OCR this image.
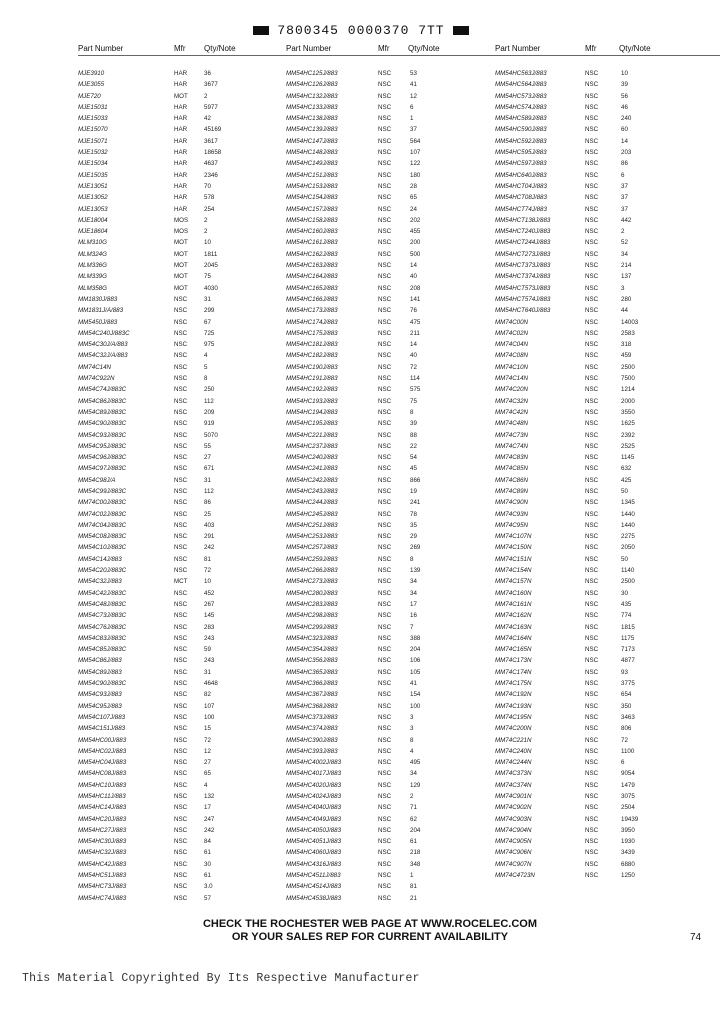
7800345 0000370 7TT
Part Number	Mfr Qty/Note
MJE3910	HAR	36
MJE3055	HAR	3677
MJE720	MOT	2
MJE15031	HAR	5977
MJE15033	HAR	42
MJE15070	HAR	45169
MJE15071	HAR	3617
MJE15032	HAR	18658
MJE15034	HAR	4637
MJE15035	HAR	2346
MJE13051	HAR	70
MJE13052	HAR	578
MJE13053	HAR	254
MJE18004	MOS	2
MJE18604	MOS	2
MLM310G	MOT	10
MLM324G	MOT	1811
MLM336G	MOT	2045
MLM339G	MOT	75
MLM358G	MOT	4030
MM1830J/883	NSC	31
MM1831J/A/883	NSC	299
MM5450J/883	NSC	67
MM54C240J/883C	NSC	725
MM54C30J/A/883	NSC	975
MM54C32J/A/883	NSC	4
MM74C14N	NSC	5
MM74C922N	NSC	8
MM54C74J/883C	NSC	250
MM54C86J/883C	NSC	112
MM54C89J/883C	NSC	209
MM54C90J/883C	NSC	919
MM54C93J/883C	NSC	5070
MM54C95J/883C	NSC	55
MM54C96J/883C	NSC	27
MM54C97J/883C	NSC	671
MM54C98J/A	NSC	31
MM54C99J/883C	NSC	112
MM74C00J/883C	NSC	86
MM74C02J/883C	NSC	25
MM74C04J/883C	NSC	403
MM54C08J/883C	NSC	291
MM54C10J/883C	NSC	242
MM54C14J/883	NSC	81
MM54C20J/883C	NSC	72
MM54C32J/883	MCT	10
MM54C42J/883C	NSC	452
MM54C48J/883C	NSC	267
MM54C73J/883C	NSC	145
MM54C76J/883C	NSC	283
MM54C83J/883C	NSC	243
MM54C85J/883C	NSC	59
MM54C86J/883	NSC	243
MM54C89J/883	NSC	31
MM54C90J/883C	NSC	4648
MM54C93J/883	NSC	82
MM54C95J/883	NSC	107
MM54C107J/883	NSC	100
MM54C151J/883	NSC	15
MM54HC00J/883	NSC	72
MM54HC02J/883	NSC	12
MM54HC04J/883	NSC	27
MM54HC08J/883	NSC	65
MM54HC10J/883	NSC	4
MM54HC11J/883	NSC	132
MM54HC14J/883	NSC	17
MM54HC20J/883	NSC	247
MM54HC27J/883	NSC	242
MM54HC30J/883	NSC	84
MM54HC32J/883	NSC	61
MM54HC42J/883	NSC	30
MM54HC51J/883	NSC	61
MM54HC73J/883	NSC	3.0
MM54HC74J/883	NSC	57
Part Number	Mfr Qty/Note
MM54HC125J/883	NSC	53
MM54HC126J/883	NSC	41
MM54HC132J/883	NSC	12
MM54HC133J/883	NSC	6
MM54HC138J/883	NSC	1
MM54HC139J/883	NSC	37
MM54HC147J/883	NSC	564
MM54HC148J/883	NSC	107
MM54HC149J/883	NSC	122
MM54HC151J/883	NSC	180
MM54HC153J/883	NSC	28
MM54HC154J/883	NSC	65
MM54HC157J/883	NSC	24
MM54HC158J/883	NSC	202
MM54HC160J/883	NSC	455
MM54HC161J/883	NSC	200
MM54HC162J/883	NSC	500
MM54HC163J/883	NSC	14
MM54HC164J/883	NSC	40
MM54HC165J/883	NSC	208
MM54HC166J/883	NSC	141
MM54HC173J/883	NSC	76
MM54HC174J/883	NSC	475
MM54HC175J/883	NSC	211
MM54HC181J/883	NSC	14
MM54HC182J/883	NSC	40
MM54HC190J/883	NSC	72
MM54HC191J/883	NSC	114
MM54HC192J/883	NSC	575
MM54HC193J/883	NSC	75
MM54HC194J/883	NSC	8
MM54HC195J/883	NSC	39
MM54HC221J/883	NSC	88
MM54HC237J/883	NSC	22
MM54HC240J/883	NSC	54
MM54HC241J/883	NSC	45
MM54HC242J/883	NSC	866
MM54HC243J/883	NSC	19
MM54HC244J/883	NSC	241
MM54HC245J/883	NSC	78
MM54HC251J/883	NSC	35
MM54HC253J/883	NSC	29
MM54HC257J/883	NSC	269
MM54HC259J/883	NSC	8
MM54HC266J/883	NSC	139
MM54HC273J/883	NSC	34
MM54HC280J/883	NSC	34
MM54HC283J/883	NSC	17
MM54HC298J/883	NSC	16
MM54HC299J/883	NSC	7
MM54HC323J/883	NSC	388
MM54HC354J/883	NSC	204
MM54HC356J/883	NSC	106
MM54HC365J/883	NSC	105
MM54HC366J/883	NSC	41
MM54HC367J/883	NSC	154
MM54HC368J/883	NSC	100
MM54HC373J/883	NSC	3
MM54HC374J/883	NSC	3
MM54HC390J/883	NSC	8
MM54HC393J/883	NSC	4
MM54HC4002J/883	NSC	495
MM54HC4017J/883	NSC	34
MM54HC4020J/883	NSC	129
MM54HC4024J/883	NSC	2
MM54HC4040J/883	NSC	71
MM54HC4049J/883	NSC	62
MM54HC4050J/883	NSC	204
MM54HC4051J/883	NSC	61
MM54HC4060J/883	NSC	218
MM54HC4316J/883	NSC	348
MM54HC4511J/883	NSC	1
MM54HC4514J/883	NSC	81
MM54HC4538J/883	NSC	21
Part Number	Mfr	Qty/Note
MM54HC563J/883	NSC	10
MM54HC564J/883	NSC	39
MM54HC573J/883	NSC	56
MM54HC574J/883	NSC	46
MM54HC589J/883	NSC	240
MM54HC590J/883	NSC	60
MM54HC592J/883	NSC	14
MM54HC595J/883	NSC	203
MM54HC597J/883	NSC	86
MM54HC640J/883	NSC	6
MM54HCT04J/883	NSC	37
MM54HCT08J/883	NSC	37
MM54HCT74J/883	NSC	37
MM54HCT138J/883	NSC	442
MM54HCT240J/883	NSC	2
MM54HCT244J/883	NSC	52
MM54HCT273J/883	NSC	34
MM54HCT373J/883	NSC	214
MM54HCT374J/883	NSC	137
MM54HCT573J/883	NSC	3
MM54HCT574J/883	NSC	280
MM54HCT640J/883	NSC	44
MM74C00N	NSC	14003
MM74C02N	NSC	2583
MM74C04N	NSC	318
MM74C08N	NSC	459
MM74C10N	NSC	2500
MM74C14N	NSC	7500
MM74C20N	NSC	1214
MM74C32N	NSC	2000
MM74C42N	NSC	3550
MM74C48N	NSC	1625
MM74C73N	NSC	2392
MM74C74N	NSC	2525
MM74C83N	NSC	1145
MM74C85N	NSC	632
MM74C86N	NSC	425
MM74C89N	NSC	50
MM74C90N	NSC	1345
MM74C93N	NSC	1440
MM74C95N	NSC	1440
MM74C107N	NSC	2275
MM74C150N	NSC	2050
MM74C151N	NSC	50
MM74C154N	NSC	1140
MM74C157N	NSC	2500
MM74C160N	NSC	30
MM74C161N	NSC	435
MM74C162N	NSC	774
MM74C163N	NSC	1815
MM74C164N	NSC	1175
MM74C165N	NSC	7173
MM74C173N	NSC	4877
MM74C174N	NSC	93
MM74C175N	NSC	3775
MM74C192N	NSC	654
MM74C193N	NSC	350
MM74C195N	NSC	3463
MM74C200N	NSC	806
MM74C221N	NSC	72
MM74C240N	NSC	1100
MM74C244N	NSC	6
MM74C373N	NSC	9054
MM74C374N	NSC	1479
MM74C901N	NSC	3075
MM74C902N	NSC	2504
MM74C903N	NSC	19439
MM74C904N	NSC	3950
MM74C905N	NSC	1930
MM74C906N	NSC	3439
MM74C907N	NSC	6880
MM74C4723N	NSC	1250
CHECK THE ROCHESTER WEB PAGE AT WWW.ROCELEC.COM
OR YOUR SALES REP FOR CURRENT AVAILABILITY	74
This Material Copyrighted By Its Respective Manufacturer
